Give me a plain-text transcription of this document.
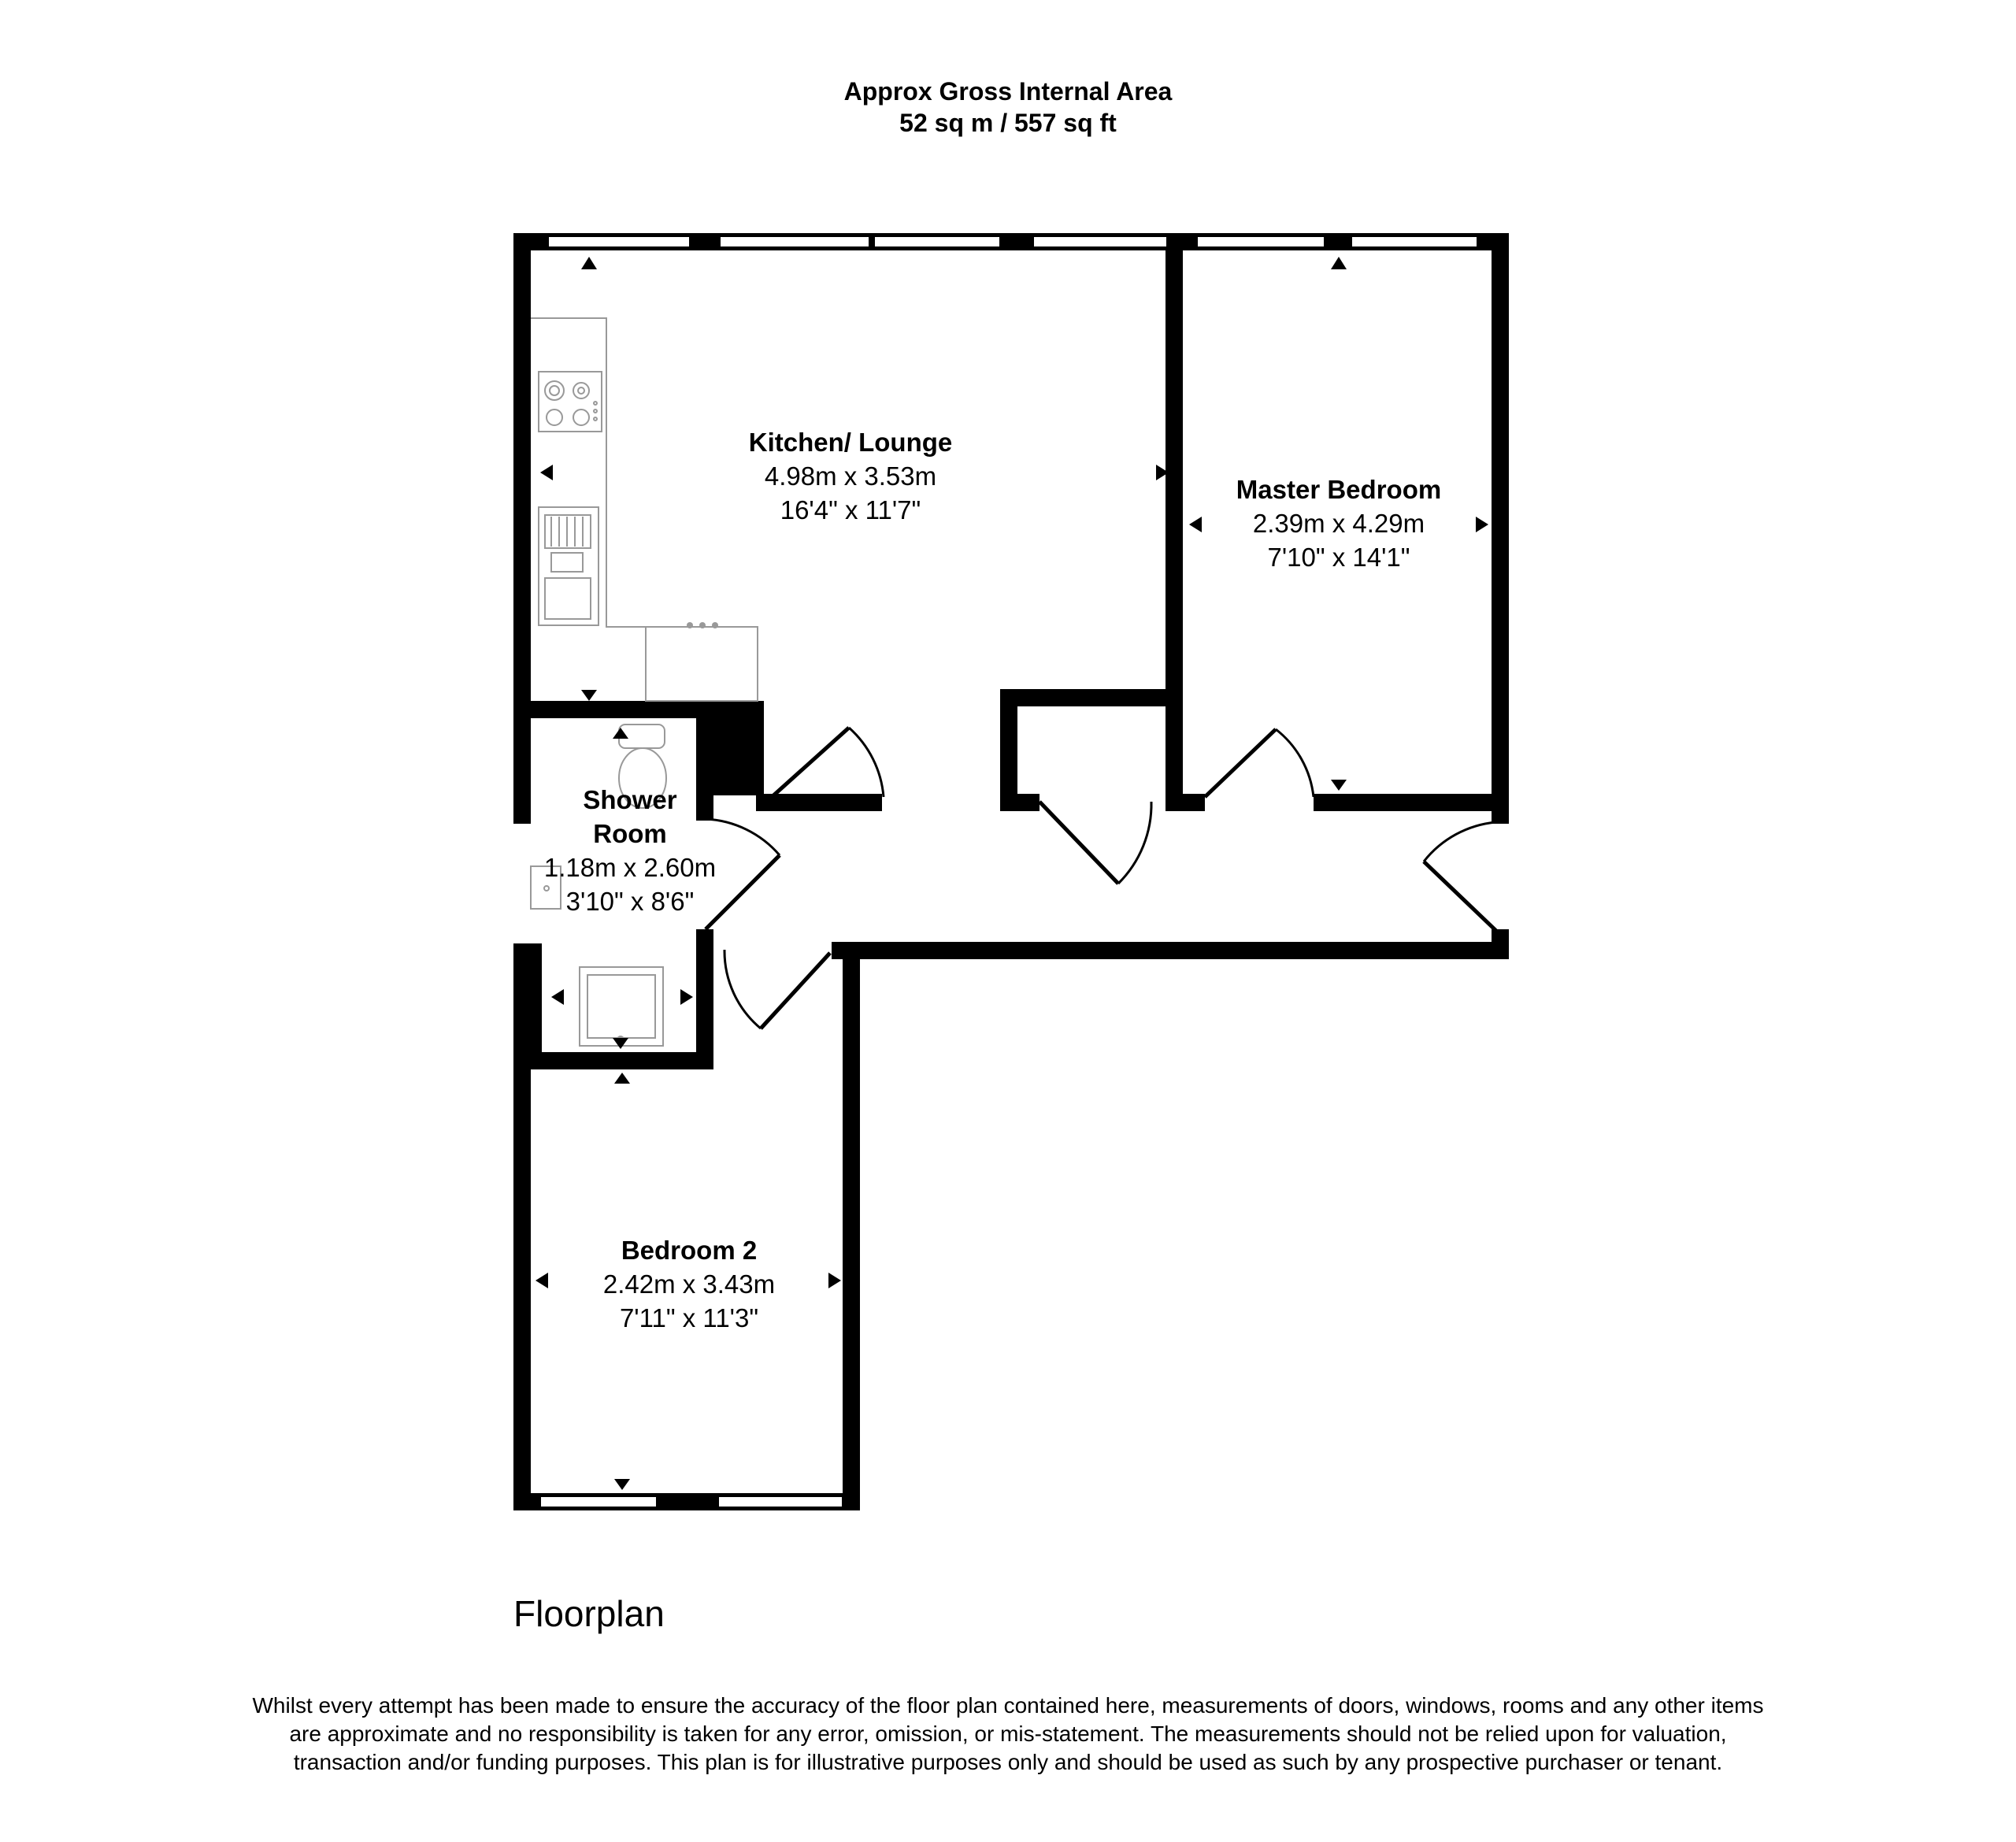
Approx Gross Internal Area
52 sq m / 557 sq ft
Kitchen/ Lounge
4.98m x 3.53m
16'4" x 11'7"
Master Bedroom
2.39m x 4.29m
7'10" x 14'1"
Shower Room
1.18m x 2.60m
3'10" x 8'6"
Bedroom 2
2.42m x 3.43m
7'11" x 11'3"
Floorplan
Whilst every attempt has been made to ensure the accuracy of the floor plan contained here, measurements of doors, windows, rooms and any other items are approximate and no responsibility is taken for any error, omission, or mis-statement. The measurements should not be relied upon for valuation, transaction and/or funding purposes. This plan is for illustrative purposes only and should be used as such by any prospective purchaser or tenant.
